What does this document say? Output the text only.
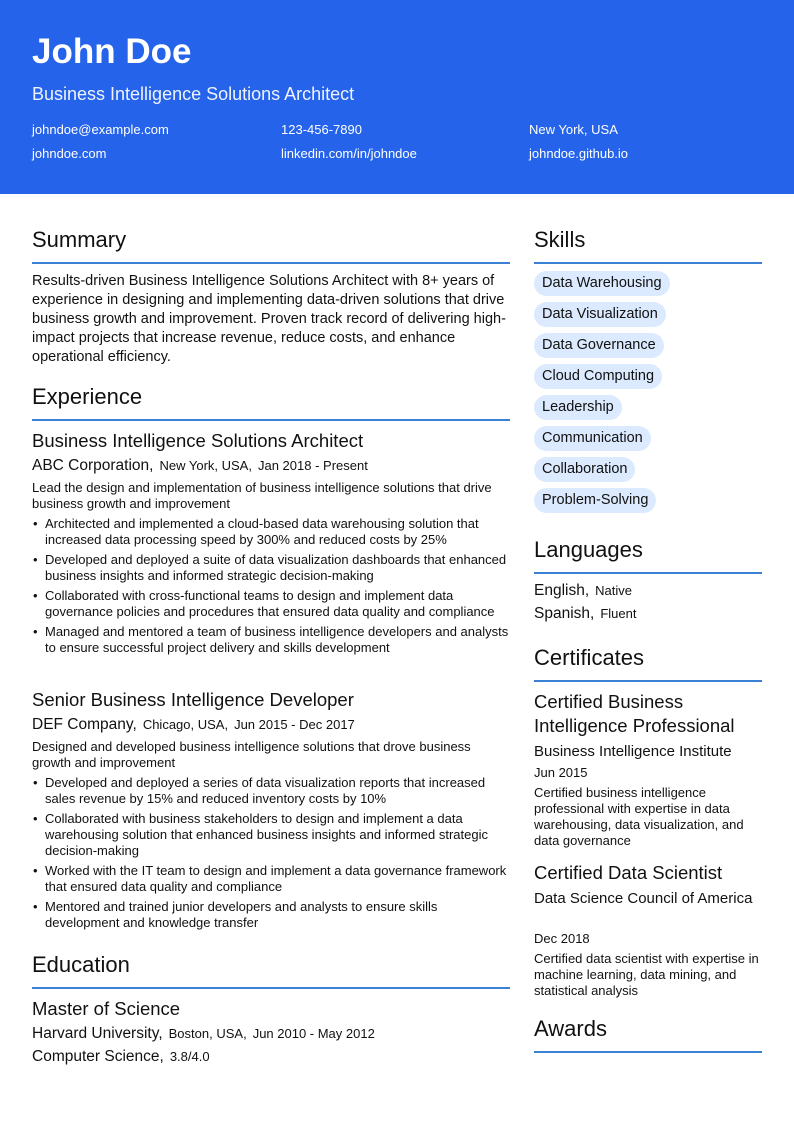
John Doe
Business Intelligence Solutions Architect
johndoe@example.com	123-456-7890	New York, USA
johndoe.com	linkedin.com/in/johndoe	johndoe.github.io
Summary
Results-driven Business Intelligence Solutions Architect with 8+ years of experience in designing and implementing data-driven solutions that drive business growth and improvement. Proven track record of delivering high-impact projects that increase revenue, reduce costs, and enhance operational efficiency.
Experience
Business Intelligence Solutions Architect
ABC Corporation, New York, USA, Jan 2018 - Present
Lead the design and implementation of business intelligence solutions that drive business growth and improvement
• Architected and implemented a cloud-based data warehousing solution that increased data processing speed by 300% and reduced costs by 25%
• Developed and deployed a suite of data visualization dashboards that enhanced business insights and informed strategic decision-making
• Collaborated with cross-functional teams to design and implement data governance policies and procedures that ensured data quality and compliance
• Managed and mentored a team of business intelligence developers and analysts to ensure successful project delivery and skills development
Senior Business Intelligence Developer
DEF Company, Chicago, USA, Jun 2015 - Dec 2017
Designed and developed business intelligence solutions that drove business growth and improvement
• Developed and deployed a series of data visualization reports that increased sales revenue by 15% and reduced inventory costs by 10%
• Collaborated with business stakeholders to design and implement a data warehousing solution that enhanced business insights and informed strategic decision-making
• Worked with the IT team to design and implement a data governance framework that ensured data quality and compliance
• Mentored and trained junior developers and analysts to ensure skills development and knowledge transfer
Education
Master of Science
Harvard University, Boston, USA, Jun 2010 - May 2012
Computer Science, 3.8/4.0
Skills
Data Warehousing
Data Visualization
Data Governance
Cloud Computing
Leadership
Communication
Collaboration
Problem-Solving
Languages
English, Native
Spanish, Fluent
Certificates
Certified Business Intelligence Professional
Business Intelligence Institute
Jun 2015
Certified business intelligence professional with expertise in data warehousing, data visualization, and data governance
Certified Data Scientist
Data Science Council of America
Dec 2018
Certified data scientist with expertise in machine learning, data mining, and statistical analysis
Awards
